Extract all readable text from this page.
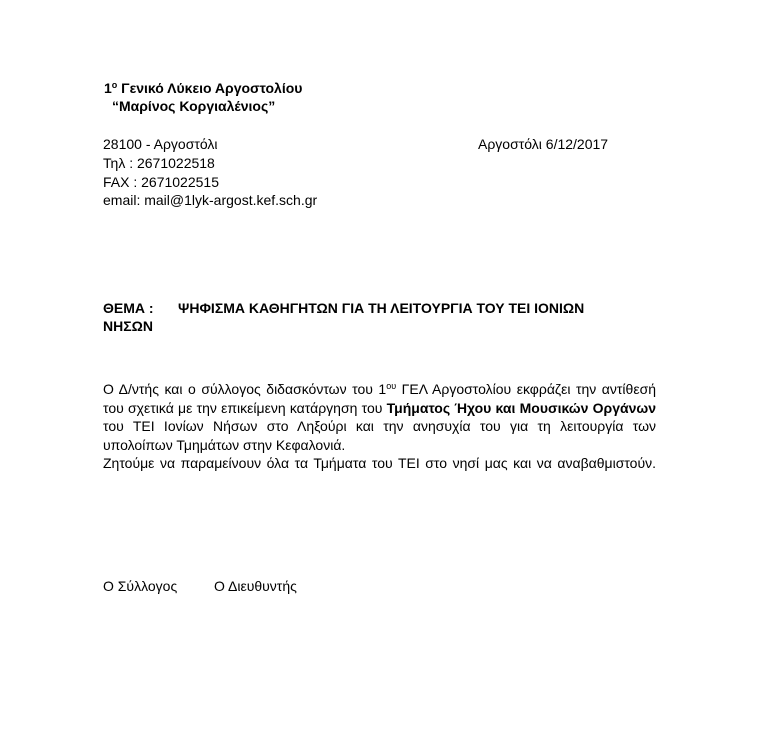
$1^o$ Γενικό Λύκειο Αργοστολίου
“Μαρίνος Κοργιαλένιος”
28100 - Αργοστόλι
Τηλ : 2671022518
FAX : 2671022515
email: mail@1lyk-argost.kef.sch.gr
Αργοστόλι 6/12/2017
ΘΕΜΑ : ΨΗΦΙΣΜΑ ΚΑΘΗΓΗΤΩΝ ΓΙΑ ΤΗ ΛΕΙΤΟΥΡΓΙΑ ΤΟΥ ΤΕΙ ΙΟΝΙΩΝ
ΝΗΣΩΝ

Ο Δ/ντής και ο σύλλογος διδασκόντων του $1^{o\upsilon}$ ΓΕΛ Αργοστολίου εκφράζει την αντίθεσή του σχετικά με την επικείμενη κατάργηση του Τμήματος Ήχου και Μουσικών Οργάνων του ΤΕΙ Ιονίων Νήσων στο Ληξούρι και την ανησυχία του για τη λειτουργία των υπολοίπων Τμημάτων στην Κεφαλονιά.

Ζητούμε να παραμείνουν όλα τα Τμήματα του ΤΕΙ στο νησί μας και να αναβαθμιστούν.

Ο Σύλλογος	Ο Διευθυντής
